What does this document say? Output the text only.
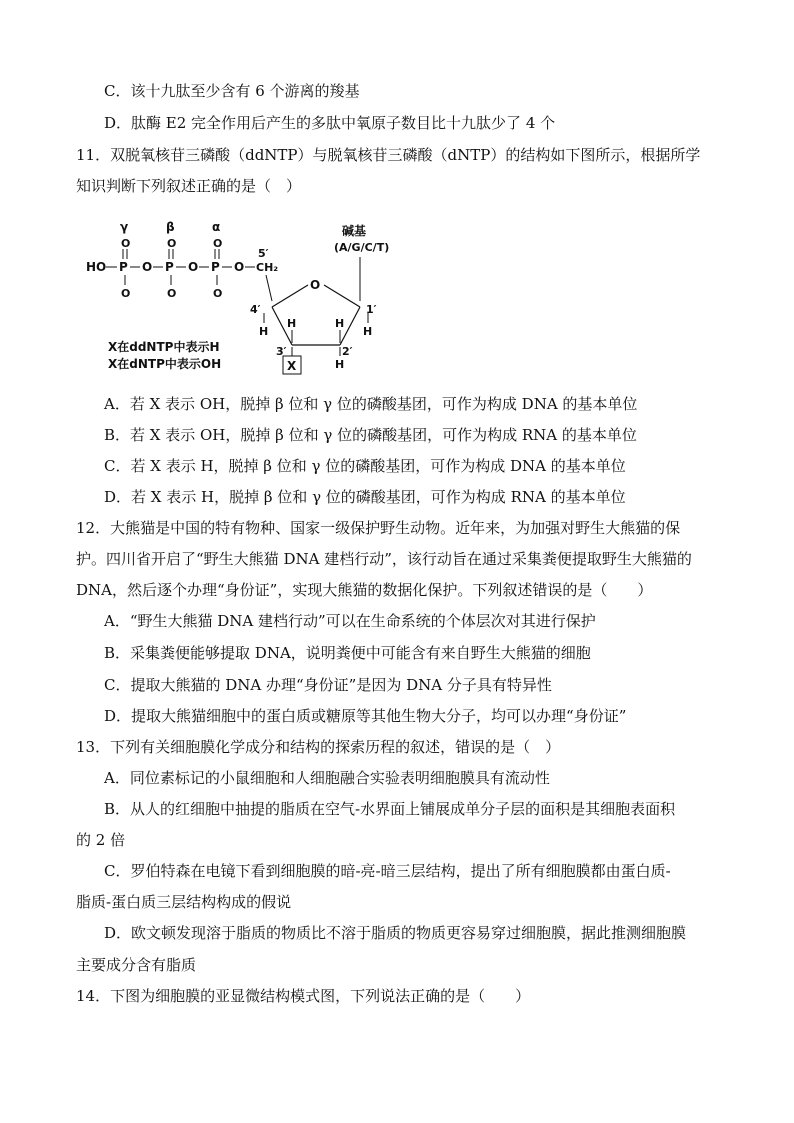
C．该十九肽至少含有 6 个游离的羧基
D．肽酶 E2 完全作用后产生的多肽中氧原子数目比十九肽少了 4 个
11．双脱氧核苷三磷酸（ddNTP）与脱氧核苷三磷酸（dNTP）的结构如下图所示，根据所学
知识判断下列叙述正确的是（　）
γ	β	α
O	O	O
HO P O P O P O CH₂
O	O	O
5′
O
4′	1′
3′	2′
H	H
H	H
X	H
碱基
(A/G/C/T)
X在ddNTP中表示H
X在dNTP中表示OH
A．若 X 表示 OH，脱掉 β 位和 γ 位的磷酸基团，可作为构成 DNA 的基本单位
B．若 X 表示 OH，脱掉 β 位和 γ 位的磷酸基团，可作为构成 RNA 的基本单位
C．若 X 表示 H，脱掉 β 位和 γ 位的磷酸基团，可作为构成 DNA 的基本单位
D．若 X 表示 H，脱掉 β 位和 γ 位的磷酸基团，可作为构成 RNA 的基本单位
12．大熊猫是中国的特有物种、国家一级保护野生动物。近年来，为加强对野生大熊猫的保
护。四川省开启了“野生大熊猫 DNA 建档行动”，该行动旨在通过采集粪便提取野生大熊猫的
DNA，然后逐个办理“身份证”，实现大熊猫的数据化保护。下列叙述错误的是（　　）
A．“野生大熊猫 DNA 建档行动”可以在生命系统的个体层次对其进行保护
B．采集粪便能够提取 DNA，说明粪便中可能含有来自野生大熊猫的细胞
C．提取大熊猫的 DNA 办理“身份证”是因为 DNA 分子具有特异性
D．提取大熊猫细胞中的蛋白质或糖原等其他生物大分子，均可以办理“身份证”
13．下列有关细胞膜化学成分和结构的探索历程的叙述，错误的是（　）
A．同位素标记的小鼠细胞和人细胞融合实验表明细胞膜具有流动性
B．从人的红细胞中抽提的脂质在空气-水界面上铺展成单分子层的面积是其细胞表面积
的 2 倍
C．罗伯特森在电镜下看到细胞膜的暗-亮-暗三层结构，提出了所有细胞膜都由蛋白质-
脂质-蛋白质三层结构构成的假说
D．欧文顿发现溶于脂质的物质比不溶于脂质的物质更容易穿过细胞膜，据此推测细胞膜
主要成分含有脂质
14．下图为细胞膜的亚显微结构模式图，下列说法正确的是（　　）
